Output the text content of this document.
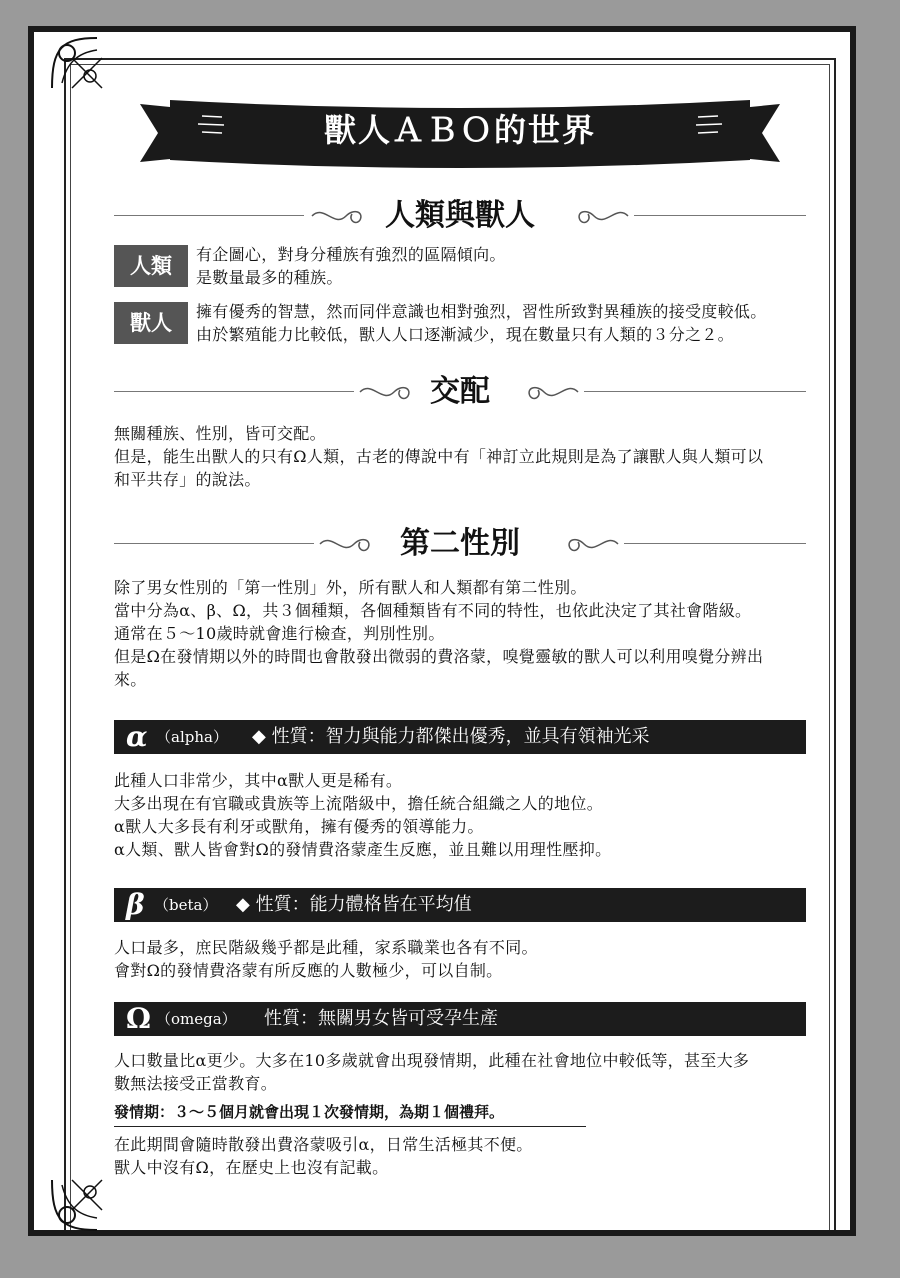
獸人ＡＢＯ的世界
人類與獸人
人類	有企圖心，對身分種族有強烈的區隔傾向。
是數量最多的種族。
獸人	擁有優秀的智慧，然而同伴意識也相對強烈，習性所致對異種族的接受度較低。
由於繁殖能力比較低，獸人人口逐漸減少，現在數量只有人類的３分之２。
交配
無關種族、性別，皆可交配。
但是，能生出獸人的只有Ω人類，古老的傳說中有「神訂立此規則是為了讓獸人與人類可以
和平共存」的說法。
第二性別
除了男女性別的「第一性別」外，所有獸人和人類都有第二性別。
當中分為α、β、Ω，共３個種類，各個種類皆有不同的特性，也依此決定了其社會階級。
通常在５～10歲時就會進行檢查，判別性別。
但是Ω在發情期以外的時間也會散發出微弱的費洛蒙，嗅覺靈敏的獸人可以利用嗅覺分辨出
來。
α （alpha） ◆ 性質：智力與能力都傑出優秀，並具有領袖光采
此種人口非常少，其中α獸人更是稀有。
大多出現在有官職或貴族等上流階級中，擔任統合組織之人的地位。
α獸人大多長有利牙或獸角，擁有優秀的領導能力。
α人類、獸人皆會對Ω的發情費洛蒙產生反應，並且難以用理性壓抑。
β （beta） ◆ 性質：能力體格皆在平均值
人口最多，庶民階級幾乎都是此種，家系職業也各有不同。
會對Ω的發情費洛蒙有所反應的人數極少，可以自制。
Ω （omega） 性質：無關男女皆可受孕生產
人口數量比α更少。大多在10多歲就會出現發情期，此種在社會地位中較低等，甚至大多
數無法接受正當教育。
發情期：３～５個月就會出現１次發情期，為期１個禮拜。
在此期間會隨時散發出費洛蒙吸引α，日常生活極其不便。
獸人中沒有Ω，在歷史上也沒有記載。
